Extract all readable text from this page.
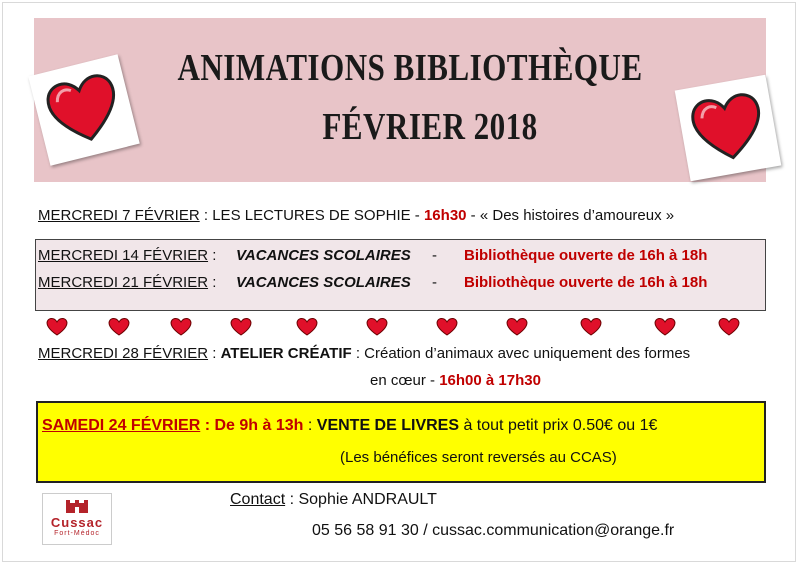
ANIMATIONS BIBLIOTHÈQUE
FÉVRIER 2018
MERCREDI 7 FÉVRIER : LES LECTURES DE SOPHIE - 16h30 - « Des histoires d’amoureux »
MERCREDI 14 FÉVRIER : VACANCES SCOLAIRES - Bibliothèque ouverte de 16h à 18h
MERCREDI 21 FÉVRIER : VACANCES SCOLAIRES - Bibliothèque ouverte de 16h à 18h
MERCREDI 28 FÉVRIER : ATELIER CRÉATIF : Création d’animaux avec uniquement des formes
en cœur - 16h00 à 17h30
SAMEDI 24 FÉVRIER : De 9h à 13h : VENTE DE LIVRES à tout petit prix 0.50€ ou 1€
(Les bénéfices seront reversés au CCAS)
Cussac
Fort-Médoc
Contact : Sophie ANDRAULT
05 56 58 91 30 / cussac.communication@orange.fr
